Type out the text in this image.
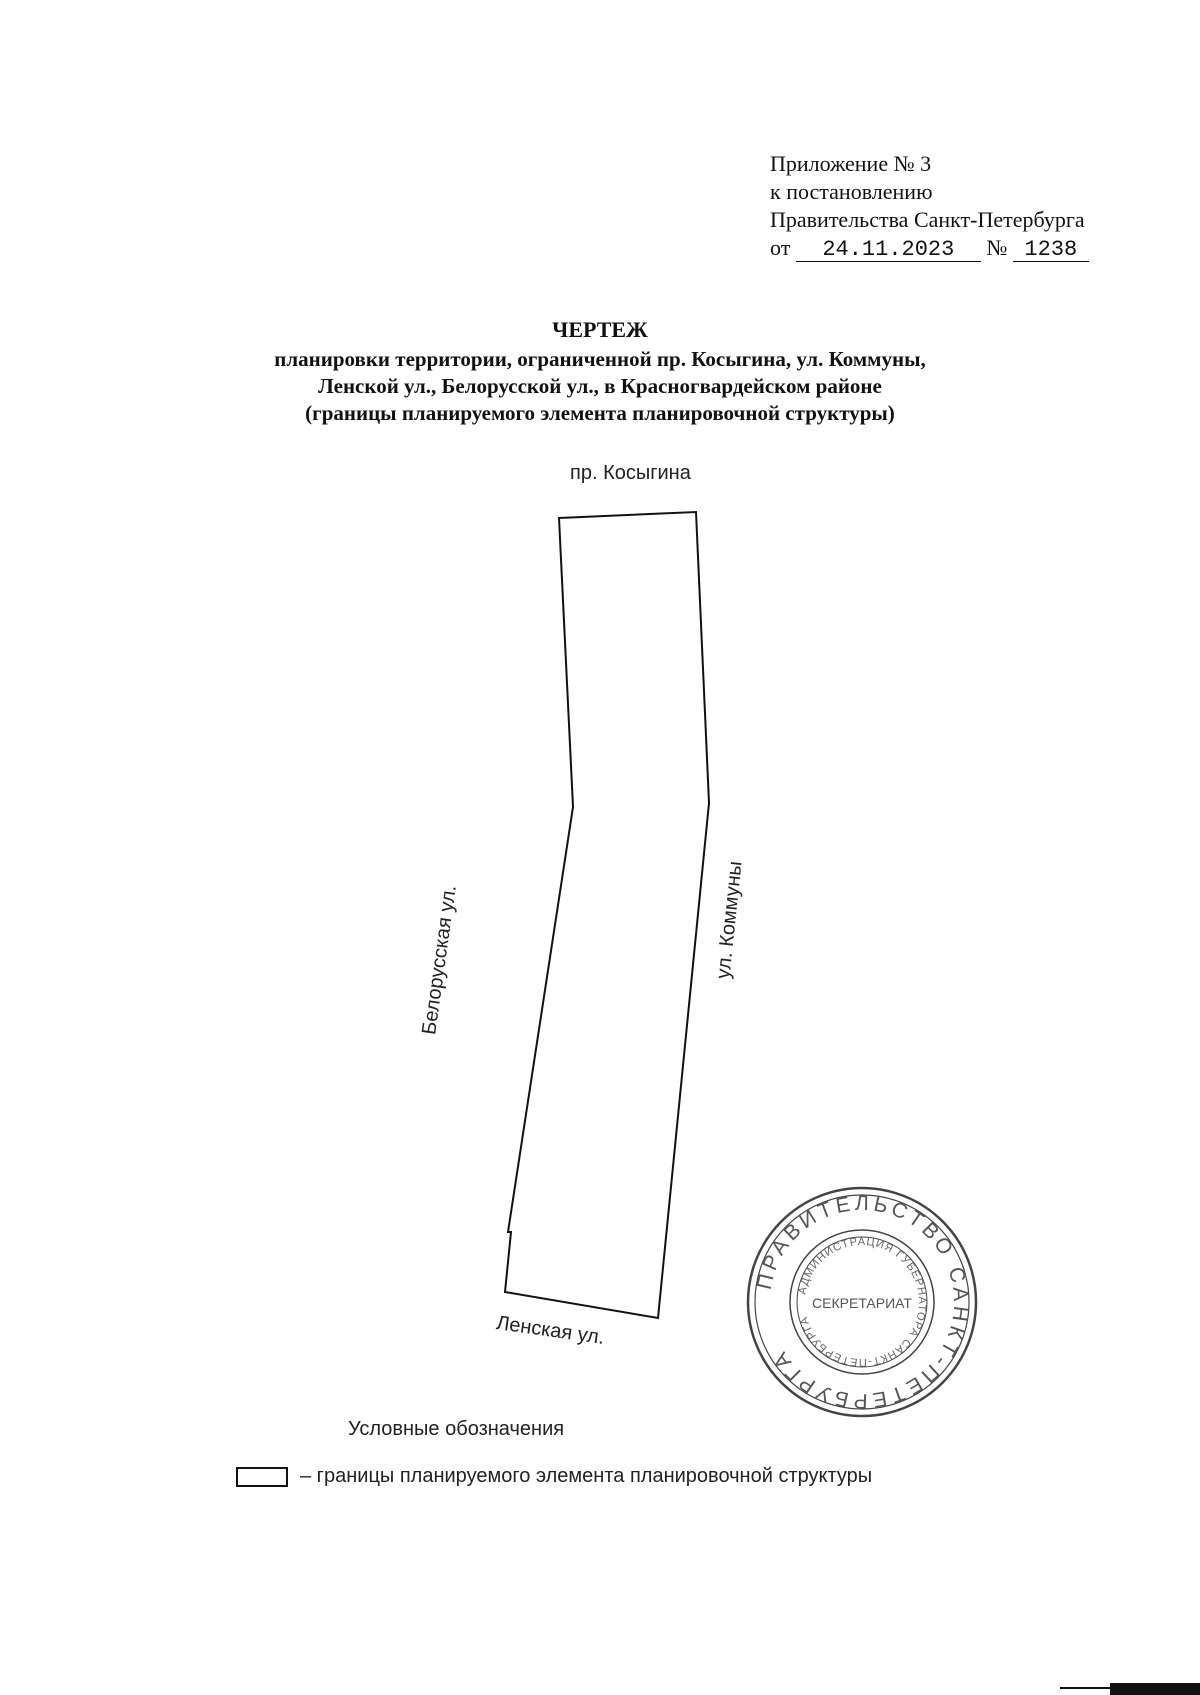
Приложение № 3
к постановлению
Правительства Санкт-Петербурга
от 24.11.2023 № 1238
ЧЕРТЕЖ
планировки территории, ограниченной пр. Косыгина, ул. Коммуны,
Ленской ул., Белорусской ул., в Красногвардейском районе
(границы планируемого элемента планировочной структуры)
ПРАВИТЕЛЬСТВО САНКТ-ПЕТЕРБУРГА
АДМИНИСТРАЦИЯ ГУБЕРНАТОРА САНКТ-ПЕТЕРБУРГА
СЕКРЕТАРИАТ
пр. Косыгина
Белорусская ул.	ул. Коммуны
Ленская ул.
Условные обозначения
– границы планируемого элемента планировочной структуры
